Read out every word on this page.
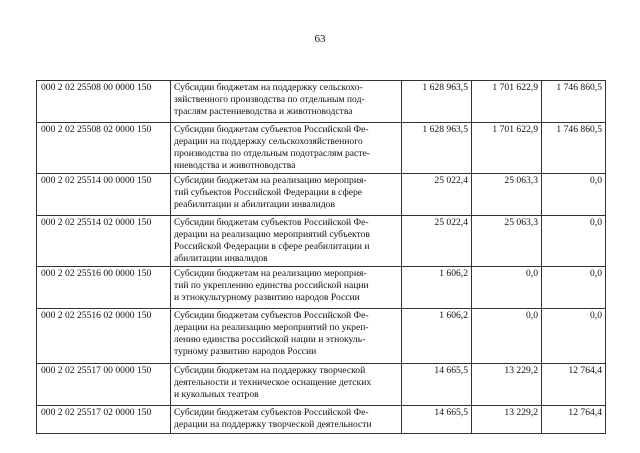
63
000 2 02 25508 00 0000 150	Субсидии бюджетам на поддержку сельскохо-
зяйственного производства по отдельным под-
траслям растениеводства и животноводства	1 628 963,5	1 701 622,9	1 746 860,5
000 2 02 25508 02 0000 150	Субсидии бюджетам субъектов Российской Фе-
дерации на поддержку сельскохозяйственного
производства по отдельным подотраслям расте-
ниеводства и животноводства	1 628 963,5	1 701 622,9	1 746 860,5
000 2 02 25514 00 0000 150	Субсидии бюджетам на реализацию мероприя-
тий субъектов Российской Федерации в сфере
реабилитации и абилитации инвалидов	25 022,4	25 063,3	0,0
000 2 02 25514 02 0000 150	Субсидии бюджетам субъектов Российской Фе-
дерации на реализацию мероприятий субъектов
Российской Федерации в сфере реабилитации и
абилитации инвалидов	25 022,4	25 063,3	0,0
000 2 02 25516 00 0000 150	Субсидии бюджетам на реализацию мероприя-
тий по укреплению единства российской нации
и этнокультурному развитию народов России	1 606,2	0,0	0,0
000 2 02 25516 02 0000 150	Субсидии бюджетам субъектов Российской Фе-
дерации на реализацию мероприятий по укреп-
лению единства российской нации и этнокуль-
турному развитию народов России	1 606,2	0,0	0,0
000 2 02 25517 00 0000 150	Субсидии бюджетам на поддержку творческой
деятельности и техническое оснащение детских
и кукольных театров	14 665,5	13 229,2	12 764,4
000 2 02 25517 02 0000 150	Субсидии бюджетам субъектов Российской Фе-
дерации на поддержку творческой деятельности	14 665,5	13 229,2	12 764,4
